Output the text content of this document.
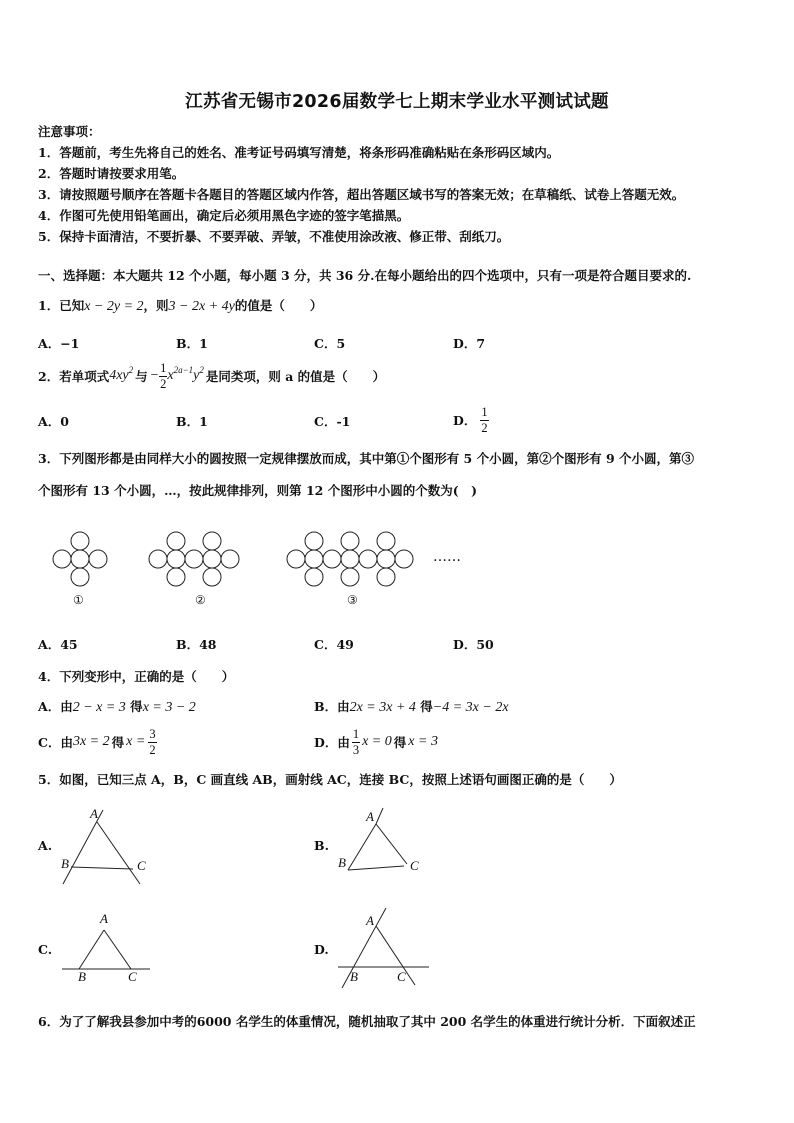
江苏省无锡市2026届数学七上期末学业水平测试试题
注意事项：
1．答题前，考生先将自己的姓名、准考证号码填写清楚，将条形码准确粘贴在条形码区域内。
2．答题时请按要求用笔。
3．请按照题号顺序在答题卡各题目的答题区域内作答，超出答题区域书写的答案无效；在草稿纸、试卷上答题无效。
4．作图可先使用铅笔画出，确定后必须用黑色字迹的签字笔描黑。
5．保持卡面清洁，不要折暴、不要弄破、弄皱，不准使用涂改液、修正带、刮纸刀。
一、选择题：本大题共 12 个小题，每小题 3 分，共 36 分.在每小题给出的四个选项中，只有一项是符合题目要求的.
1．已知x − 2y = 2，则3 − 2x + 4y的值是（　　）
A．−1	B．1	C．5	D．7
2．若单项式 $4xy^2$ 与 − $\frac{1}{2} x^{2a-1}y^2$ 是同类项，则 a 的值是（　　）
A．0	B．1	C．-1	D． $\frac{1}{2}$
3．下列图形都是由同样大小的圆按照一定规律摆放而成，其中第①个图形有 5 个小圆，第②个图形有 9 个小圆，第③
个图形有 13 个小圆，…，按此规律排列，则第 12 个图形中小圆的个数为(　)
……
①	②	③
A．45	B．48	C．49	D．50
4．下列变形中，正确的是（　　）
A．由2 − x = 3 得x = 3 − 2	B．由2x = 3x + 4 得−4 = 3x − 2x
C．由 3x = 2 得 $x = \frac{3}{2}$	D．由 $\frac{1}{3}$ x = 0 得 x = 3
5．如图，已知三点 A，B，C 画直线 AB，画射线 AC，连接 BC，按照上述语句画图正确的是（　　）
A.	B.
C.	D.
A
B	C
A
B	C
A
B	C
A
B	C
6．为了了解我县参加中考的6000 名学生的体重情况，随机抽取了其中 200 名学生的体重进行统计分析．下面叙述正
